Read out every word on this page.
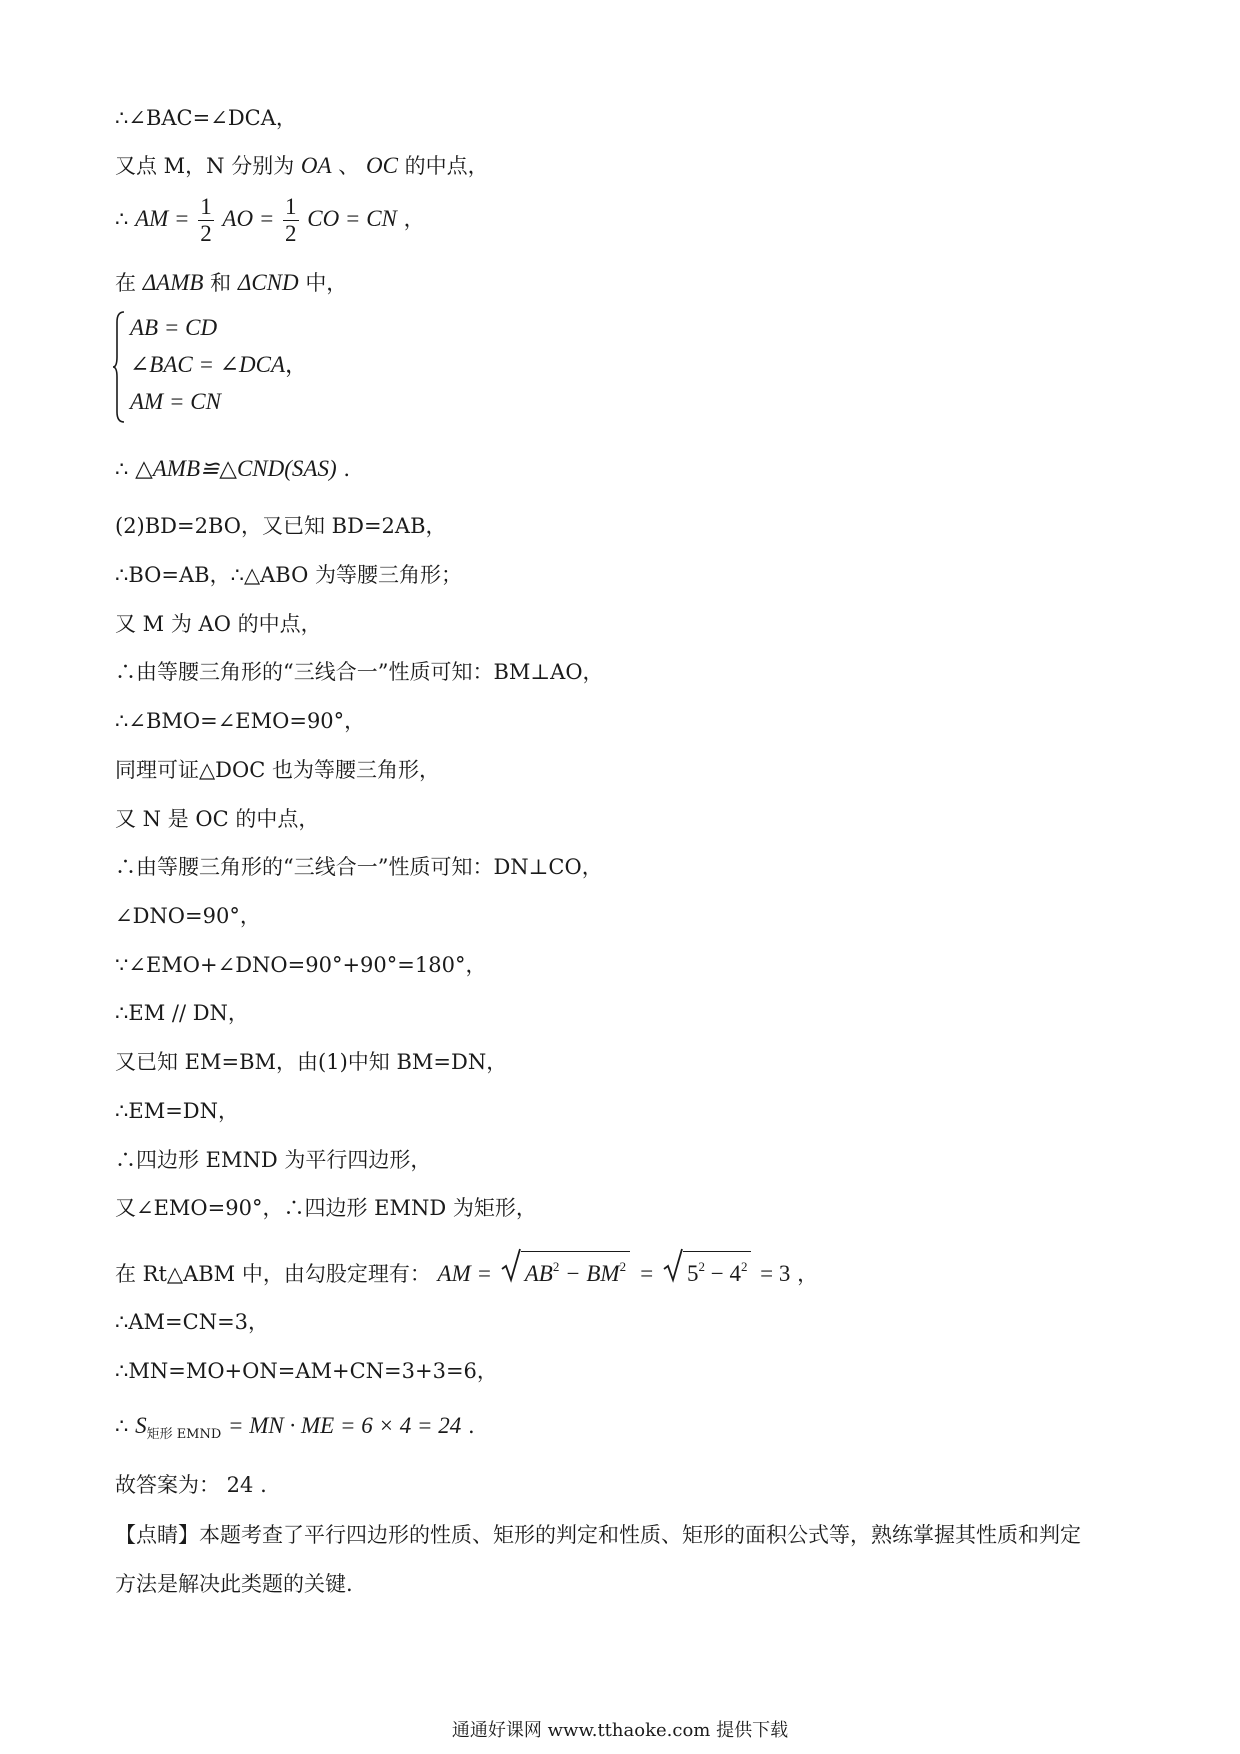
∴∠BAC=∠DCA，
又点 M，N 分别为 OA 、 OC 的中点，
∴ AM = $\frac{1}{2}$ AO = $\frac{1}{2}$ CO = CN ，
在 ΔAMB 和 ΔCND 中，
AB = CD
∠BAC = ∠DCA，
AM = CN
∴ △AMB≌△CND(SAS) .
(2)BD=2BO，又已知 BD=2AB，
∴BO=AB，∴△ABO 为等腰三角形；
又 M 为 AO 的中点，
∴由等腰三角形的“三线合一”性质可知：BM⊥AO，
∴∠BMO=∠EMO=90°，
同理可证△DOC 也为等腰三角形，
又 N 是 OC 的中点，
∴由等腰三角形的“三线合一”性质可知：DN⊥CO，
∠DNO=90°，
∵∠EMO+∠DNO=90°+90°=180°，
∴EM // DN，
又已知 EM=BM，由(1)中知 BM=DN，
∴EM=DN，
∴四边形 EMND 为平行四边形，
又∠EMO=90°，∴四边形 EMND 为矩形，
在 Rt△ABM 中，由勾股定理有： AM = $AB^2 - BM^2 = 5^2 - 4^2 = 3$ ，
∴AM=CN=3，
∴MN=MO+ON=AM+CN=3+3=6，
∴ $S_{矩形 EMND}$ = MN · ME = 6 × 4 = 24 .
故答案为： 24 .
【点睛】本题考查了平行四边形的性质、矩形的判定和性质、矩形的面积公式等，熟练掌握其性质和判定
方法是解决此类题的关键.
通通好课网 www.tthaoke.com 提供下载
